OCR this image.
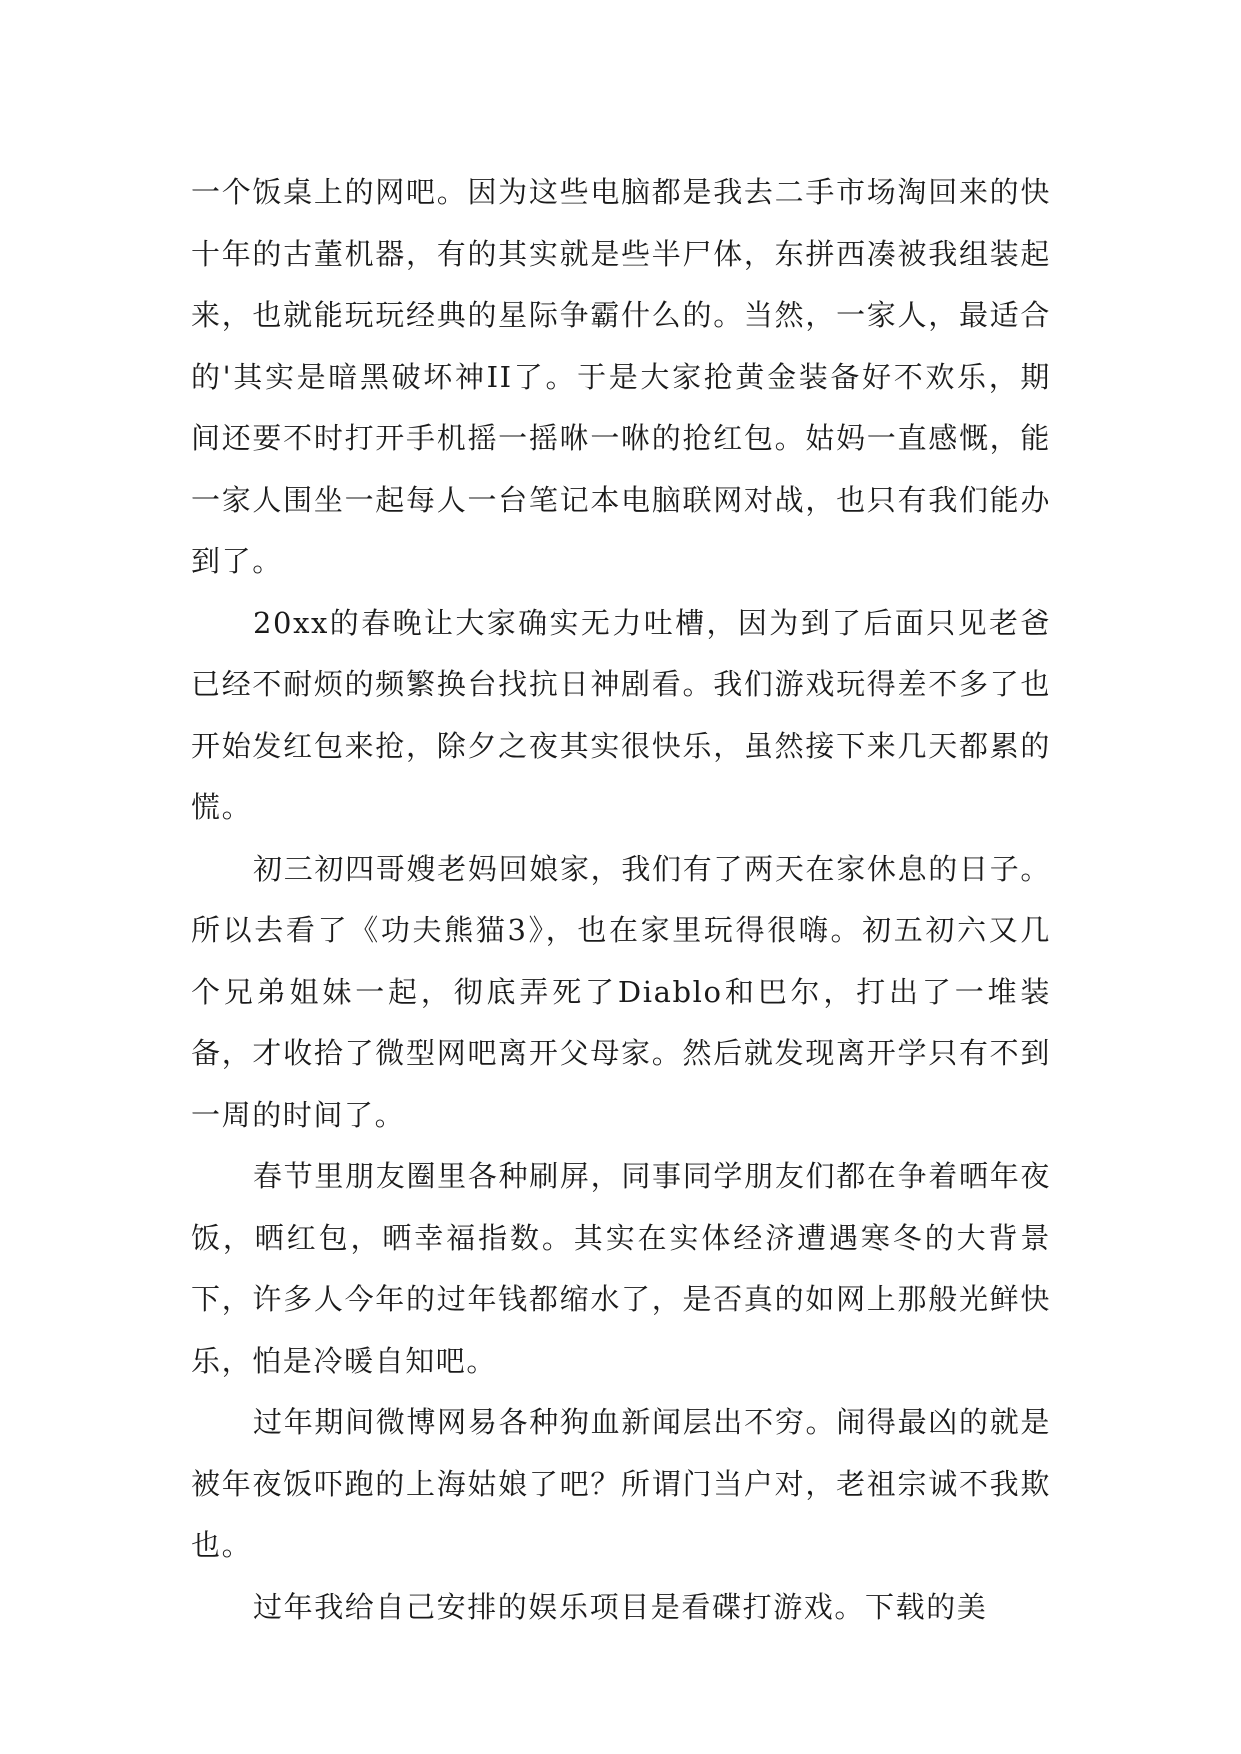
一个饭桌上的网吧。因为这些电脑都是我去二手市场淘回来的快十年的古董机器，有的其实就是些半尸体，东拼西凑被我组装起来，也就能玩玩经典的星际争霸什么的。当然，一家人，最适合的'其实是暗黑破坏神II了。于是大家抢黄金装备好不欢乐，期间还要不时打开手机摇一摇咻一咻的抢红包。姑妈一直感慨，能一家人围坐一起每人一台笔记本电脑联网对战，也只有我们能办到了。

20xx的春晚让大家确实无力吐槽，因为到了后面只见老爸已经不耐烦的频繁换台找抗日神剧看。我们游戏玩得差不多了也开始发红包来抢，除夕之夜其实很快乐，虽然接下来几天都累的慌。

初三初四哥嫂老妈回娘家，我们有了两天在家休息的日子。所以去看了《功夫熊猫3》，也在家里玩得很嗨。初五初六又几个兄弟姐妹一起，彻底弄死了Diablo和巴尔，打出了一堆装备，才收拾了微型网吧离开父母家。然后就发现离开学只有不到一周的时间了。

春节里朋友圈里各种刷屏，同事同学朋友们都在争着晒年夜饭，晒红包，晒幸福指数。其实在实体经济遭遇寒冬的大背景下，许多人今年的过年钱都缩水了，是否真的如网上那般光鲜快乐，怕是冷暖自知吧。

过年期间微博网易各种狗血新闻层出不穷。闹得最凶的就是被年夜饭吓跑的上海姑娘了吧？所谓门当户对，老祖宗诚不我欺也。

过年我给自己安排的娱乐项目是看碟打游戏。下载的美
